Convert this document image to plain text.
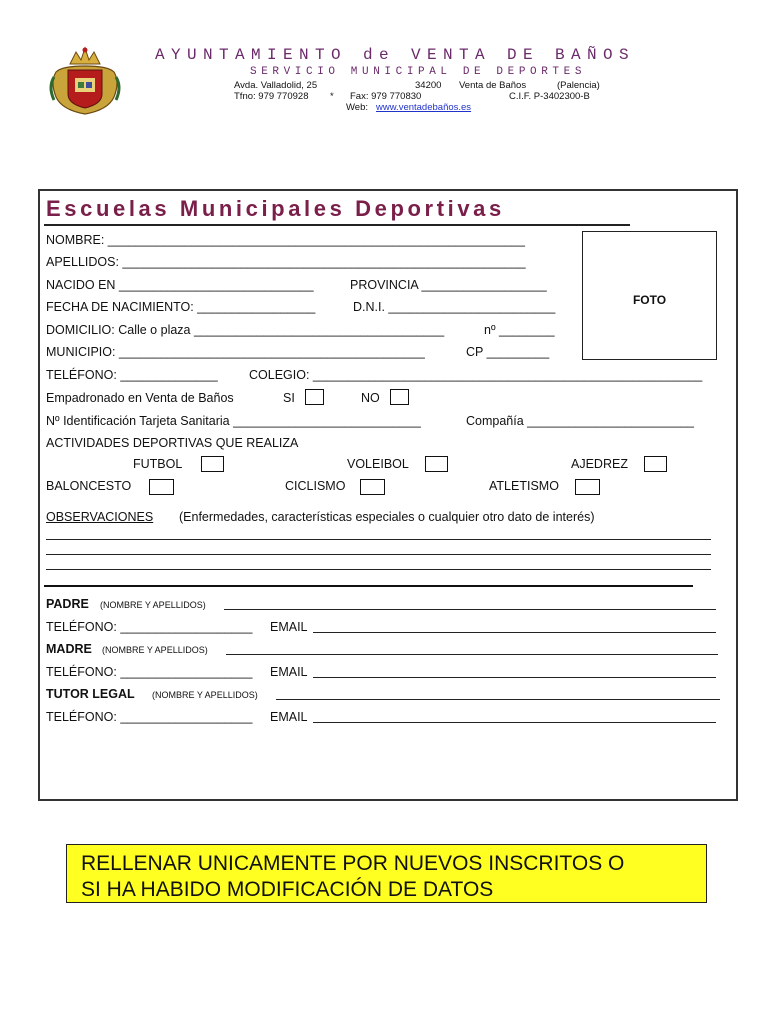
AYUNTAMIENTO de VENTA DE BAÑOS
SERVICIO MUNICIPAL DE DEPORTES
Avda. Valladolid, 25	34200 Venta de Baños	(Palencia)
Tfno: 979 770928 * Fax: 979 770830	C.I.F. P-3402300-B
Web: www.ventadebaños.es
Escuelas Municipales Deportivas
FOTO
NOMBRE: ____________________________________________________________
APELLIDOS: __________________________________________________________
NACIDO EN ____________________________	PROVINCIA __________________
FECHA DE NACIMIENTO: _________________	D.N.I. ________________________
DOMICILIO: Calle o plaza ____________________________________	nº ________
MUNICIPIO: ____________________________________________	CP _________
TELÉFONO: ______________	COLEGIO: ________________________________________________________
Empadronado en Venta de Baños	SI	NO
Nº Identificación Tarjeta Sanitaria ___________________________	Compañía ________________________
ACTIVIDADES DEPORTIVAS QUE REALIZA
FUTBOL	VOLEIBOL	AJEDREZ
BALONCESTO	CICLISMO	ATLETISMO
OBSERVACIONES (Enfermedades, características especiales o cualquier otro dato de interés)
PADRE (NOMBRE Y APELLIDOS)
TELÉFONO: ___________________ EMAIL
MADRE (NOMBRE Y APELLIDOS)
TELÉFONO: ___________________ EMAIL
TUTOR LEGAL (NOMBRE Y APELLIDOS)
TELÉFONO: ___________________ EMAIL
RELLENAR UNICAMENTE POR NUEVOS INSCRITOS O
SI HA HABIDO MODIFICACIÓN DE DATOS
